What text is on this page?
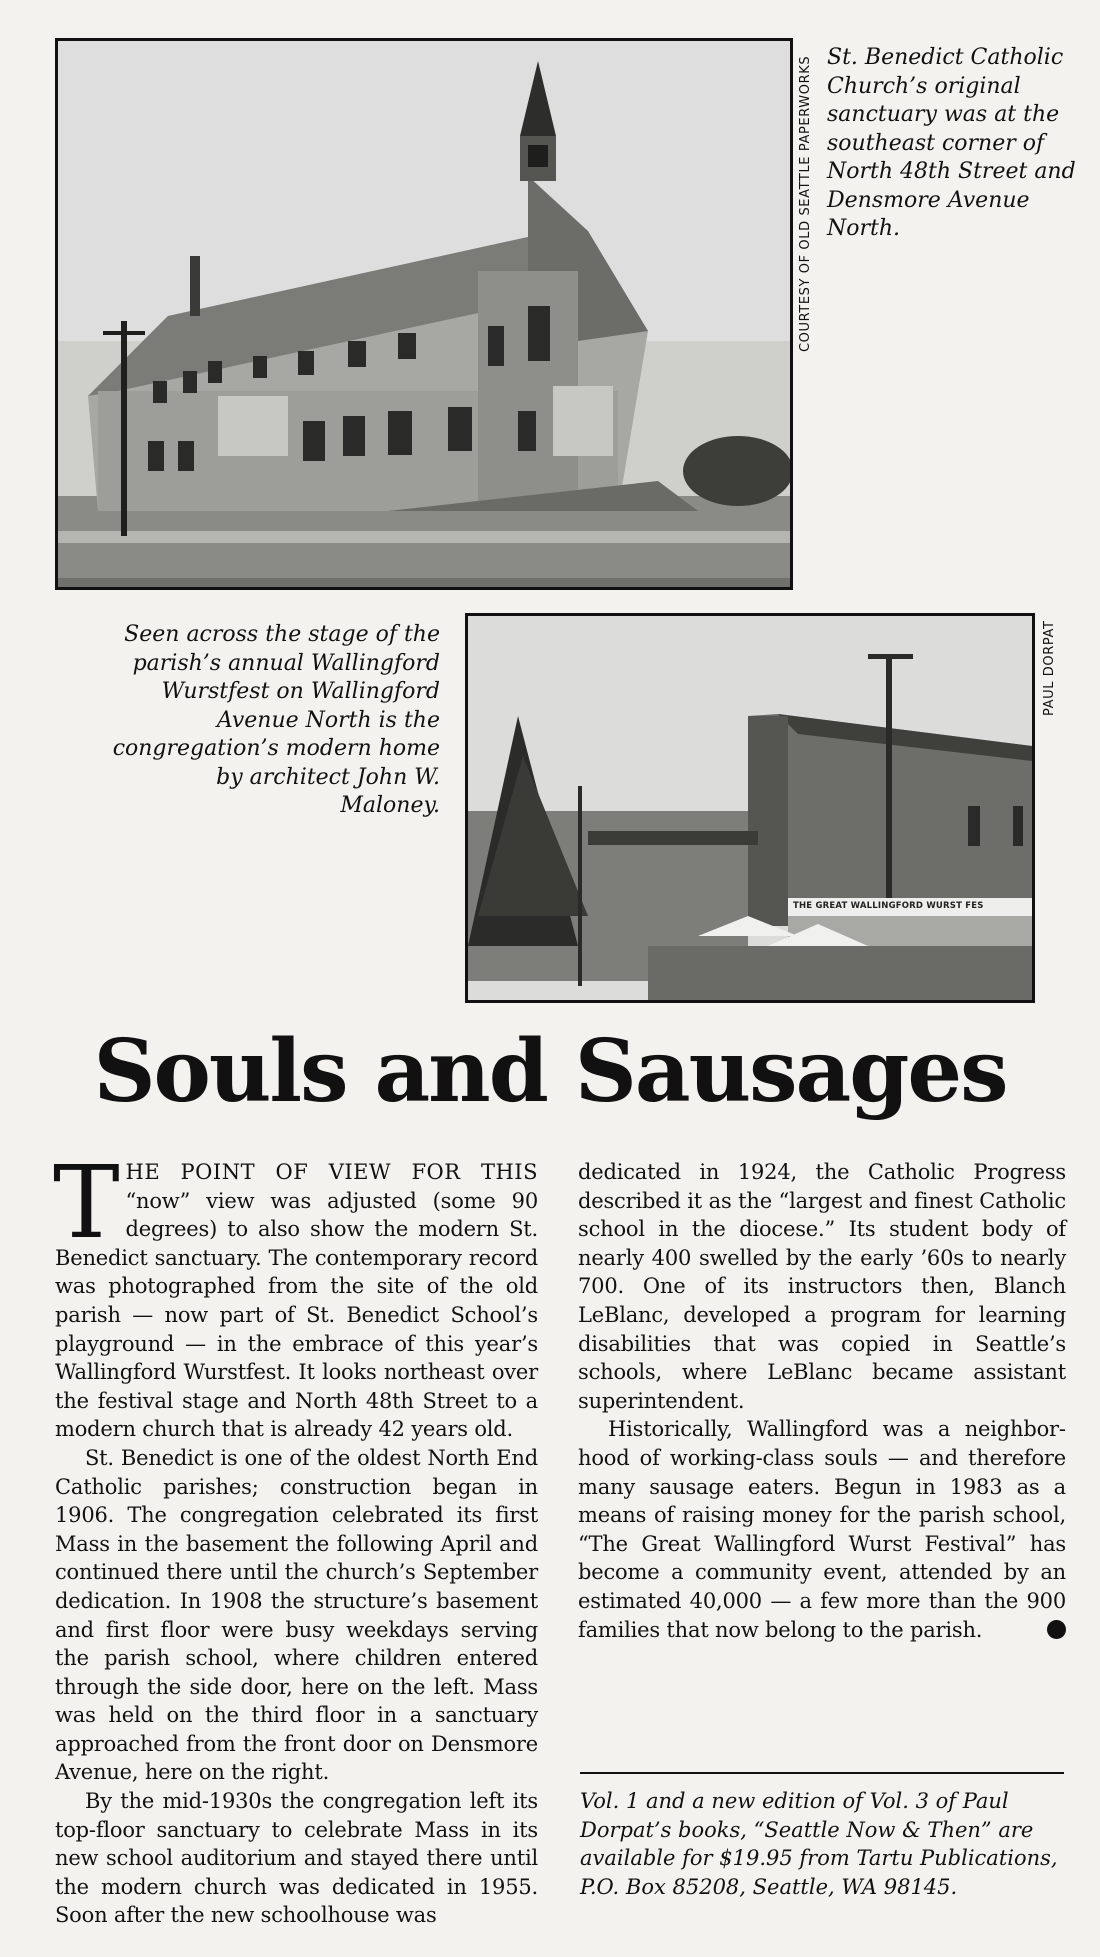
COURTESY OF OLD SEATTLE PAPERWORKS St. Benedict Catholic Church’s original sanctuary was at the southeast corner of North 48th Street and Densmore Avenue North.
Seen across the stage of the parish’s annual Wallingford Wurstfest on Wallingford Avenue North is the congregation’s modern home by architect John W. Maloney.
THE GREAT WALLINGFORD WURST FES
PAUL DORPAT
Souls and Sausages

THE POINT OF VIEW FOR THIS “now” view was adjusted (some 90 degrees) to also show the modern St. Benedict sanctuary. The contemporary record was photographed from the site of the old parish — now part of St. Benedict School’s playground — in the embrace of this year’s Wallingford Wurstfest. It looks northeast over the festival stage and North 48th Street to a modern church that is already 42 years old.

St. Benedict is one of the oldest North End Catholic parishes; construction began in 1906. The congregation celebrated its first Mass in the basement the following April and continued there until the church’s September dedication. In 1908 the structure’s basement and first floor were busy weekdays serving the parish school, where children entered through the side door, here on the left. Mass was held on the third floor in a sanctuary approached from the front door on Densmore Avenue, here on the right.

By the mid-1930s the congregation left its top-floor sanctuary to celebrate Mass in its new school auditorium and stayed there until the modern church was dedicated in 1955. Soon after the new schoolhouse was

dedicated in 1924, the Catholic Progress described it as the “largest and finest Catholic school in the diocese.” Its student body of nearly 400 swelled by the early ’60s to nearly 700. One of its instructors then, Blanch LeBlanc, developed a program for learning disabilities that was copied in Seattle’s schools, where LeBlanc became assistant superintendent.

Historically, Wallingford was a neighborhood of working-class souls — and therefore many sausage eaters. Begun in 1983 as a means of raising money for the parish school, “The Great Wallingford Wurst Festival” has become a community event, attended by an estimated 40,000 — a few more than the 900 families that now belong to the parish.	P

Vol. 1 and a new edition of Vol. 3 of Paul Dorpat’s books, “Seattle Now & Then” are available for $19.95 from Tartu Publications, P.O. Box 85208, Seattle, WA 98145.
